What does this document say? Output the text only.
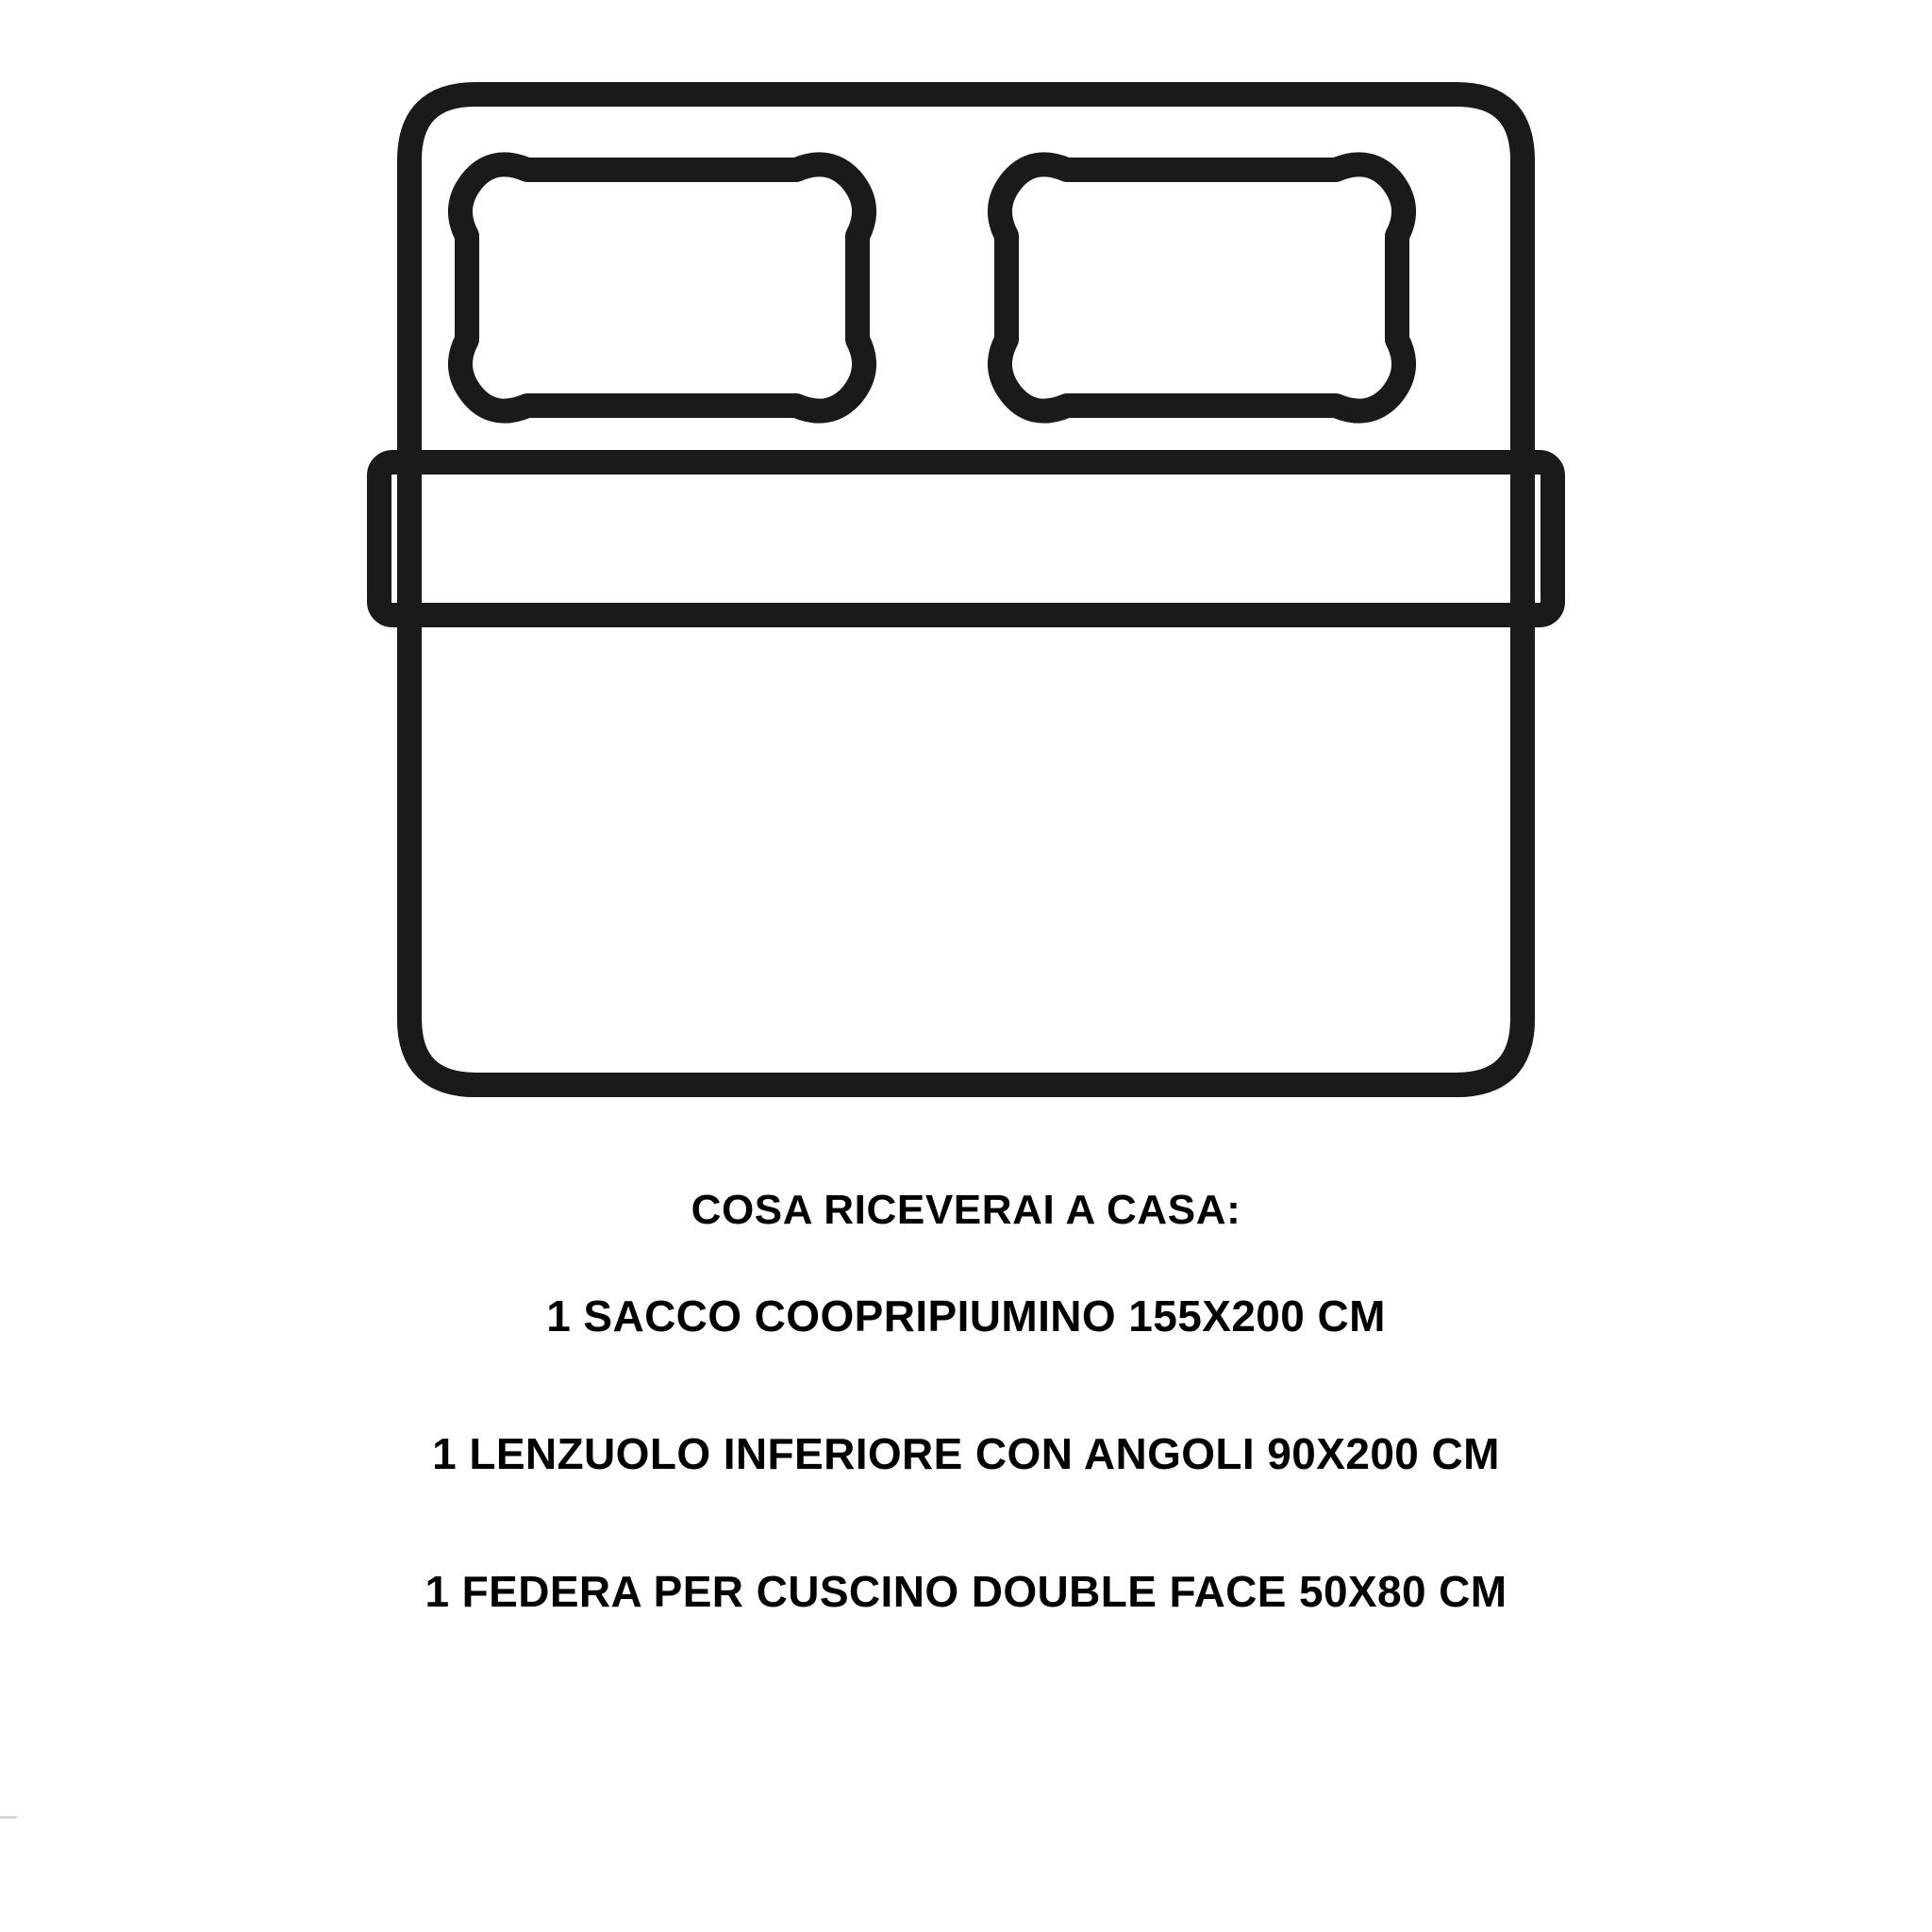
COSA RICEVERAI A CASA:
1 SACCO COOPRIPIUMINO 155X200 CM
1 LENZUOLO INFERIORE CON ANGOLI 90X200 CM
1 FEDERA PER CUSCINO DOUBLE FACE 50X80 CM
